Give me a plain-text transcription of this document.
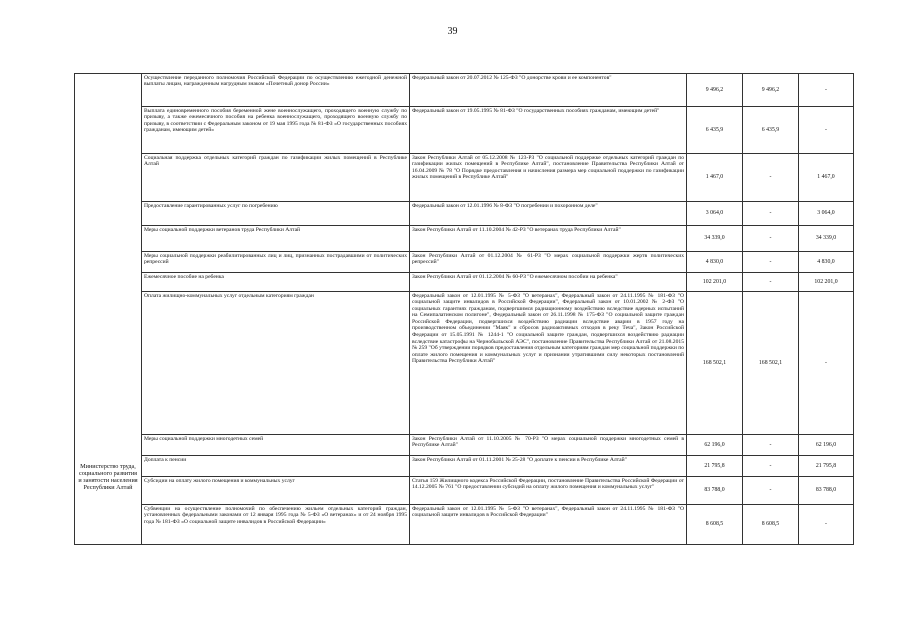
39
Министерство труда, социального развития и занятости населения Республики Алтай	Осуществление переданного полномочия Российской Федерации по осуществлению ежегодной денежной выплаты лицам, награжденным нагрудным знаком «Почетный донор России»	Федеральный закон от 20.07.2012 № 125-ФЗ "О донорстве крови и ее компонентов"	9 496,2	9 496,2	-
	Выплата единовременного пособия беременной жене военнослужащего, проходящего военную службу по призыву, а также ежемесячного пособия на ребенка военнослужащего, проходящего военную службу по призыву, в соответствии с Федеральным законом от 19 мая 1995 года № 81-ФЗ «О государственных пособиях гражданам, имеющим детей»	Федеральный закон от 19.05.1995 № 81-ФЗ "О государственных пособиях гражданам, имеющим детей"	6 435,9	6 435,9	-
	Социальная поддержка отдельных категорий граждан по газификации жилых помещений в Республике Алтай	Закон Республики Алтай от 05.12.2008 № 123-РЗ "О социальной поддержке отдельных категорий граждан по газификации жилых помещений в Республике Алтай", постановление Правительства Республики Алтай от 16.04.2009 № 78 "О Порядке предоставления и начисления размера мер социальной поддержки по газификации жилых помещений в Республике Алтай"	1 467,0	-	1 467,0
	Предоставление гарантированных услуг по погребению	Федеральный закон от 12.01.1996 № 8-ФЗ "О погребении и похоронном деле"	3 064,0	-	3 064,0
	Меры социальной поддержки ветеранов труда Республики Алтай	Закон Республики Алтай от 11.10.2004 № 42-РЗ "О ветеранах труда Республики Алтай"	34 339,0	-	34 339,0
	Меры социальной поддержки реабилитированных лиц и лиц, признанных пострадавшими от политических репрессий	Закон Республики Алтай от 01.12.2004 № 61-РЗ "О мерах социальной поддержки жертв политических репрессий"	4 830,0	-	4 830,0
	Ежемесячное пособие на ребенка	Закон Республики Алтай от 01.12.2004 № 60-РЗ "О ежемесячном пособии на ребенка"	102 201,0	-	102 201,0
	Оплата жилищно-коммунальных услуг отдельным категориям граждан	Федеральный закон от 12.01.1995 № 5-ФЗ "О ветеранах", Федеральный закон от 24.11.1995 № 181-ФЗ "О социальной защите инвалидов в Российской Федерации", Федеральный закон от 10.01.2002 № 2-ФЗ "О социальных гарантиях гражданам, подвергшимся радиационному воздействию вследствие ядерных испытаний на Семипалатинском полигоне", Федеральный закон от 26.11.1998 № 175-ФЗ "О социальной защите граждан Российской Федерации, подвергшихся воздействию радиации вследствие аварии в 1957 году на производственном объединении "Маяк" и сбросов радиоактивных отходов в реку Теча", Закон Российской Федерации от 15.05.1991 № 1244-1 "О социальной защите граждан, подвергшихся воздействию радиации вследствие катастрофы на Чернобыльской АЭС", постановление Правительства Республики Алтай от 21.08.2015 № 259 "Об утверждении порядков предоставления отдельным категориям граждан мер социальной поддержки по оплате жилого помещения и коммунальных услуг и признании утратившими силу некоторых постановлений Правительства Республики Алтай"	168 502,1	168 502,1	-
	Меры социальной поддержки многодетных семей	Закон Республики Алтай от 11.10.2005 № 70-РЗ "О мерах социальной поддержки многодетных семей в Республике Алтай"	62 196,0	-	62 196,0
	Доплата к пенсии	Закон Республики Алтай от 01.11.2001 № 25-28 "О доплате к пенсии в Республике Алтай"	21 795,8	-	21 795,8
	Субсидии на оплату жилого помещения и коммунальных услуг	Статья 159 Жилищного кодекса Российской Федерации, постановление Правительства Российской Федерации от 14.12.2005 № 761 "О предоставлении субсидий на оплату жилого помещения и коммунальных услуг"	83 788,0	-	83 788,0
	Субвенции на осуществление полномочий по обеспечению жильем отдельных категорий граждан, установленных федеральными законами от 12 января 1995 года № 5-ФЗ «О ветеранах» и от 24 ноября 1995 года № 181-ФЗ «О социальной защите инвалидов в Российской Федерации»	Федеральный закон от 12.01.1995 № 5-ФЗ "О ветеранах", Федеральный закон от 24.11.1995 № 181-ФЗ "О социальной защите инвалидов в Российской Федерации"	8 608,5	8 608,5	-
